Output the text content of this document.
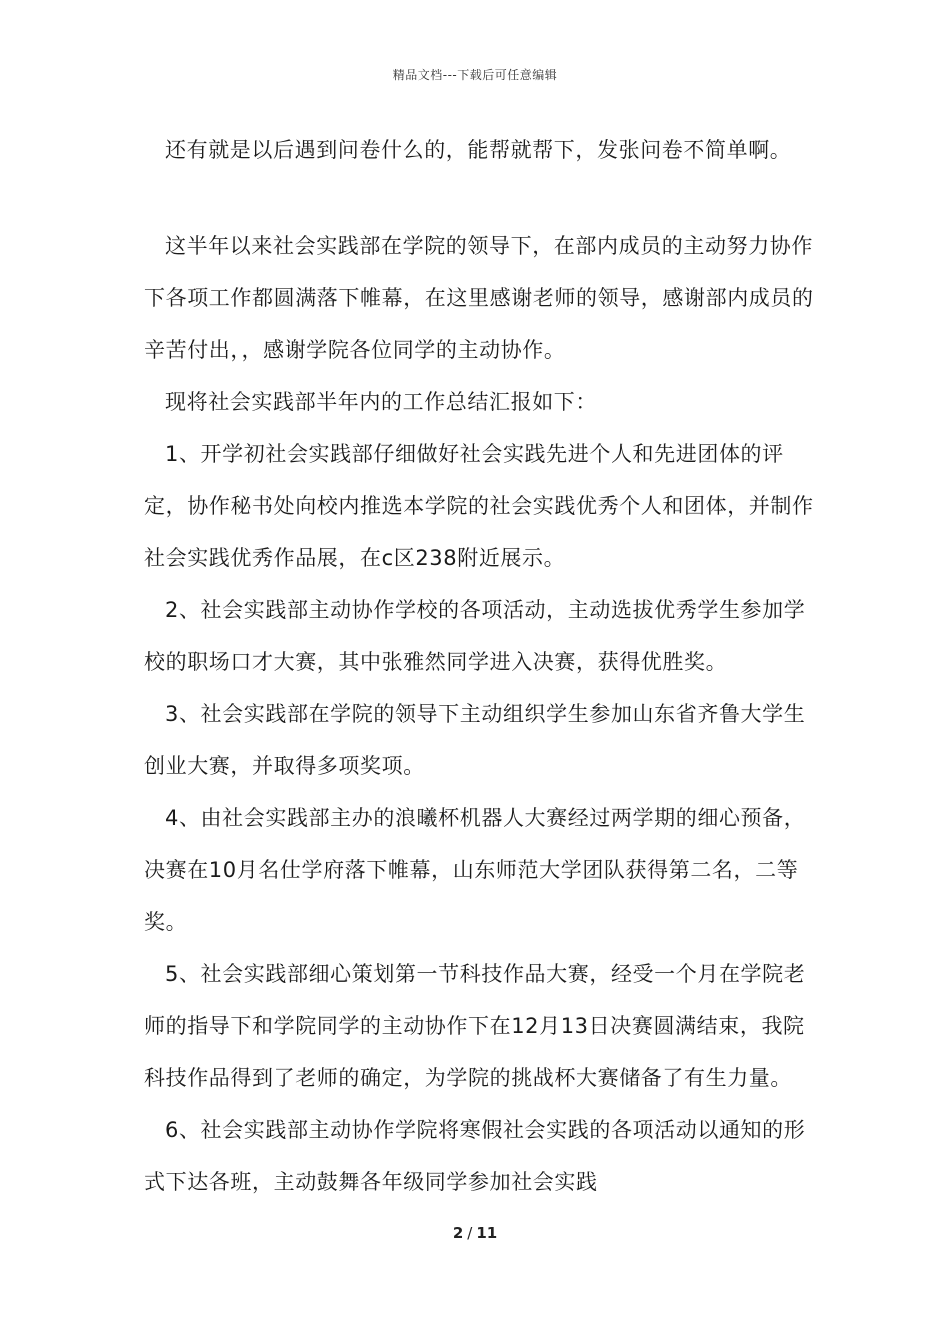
精品文档---下载后可任意编辑

还有就是以后遇到问卷什么的，能帮就帮下，发张问卷不简单啊。

这半年以来社会实践部在学院的领导下，在部内成员的主动努力协作下各项工作都圆满落下帷幕，在这里感谢老师的领导，感谢部内成员的辛苦付出，，感谢学院各位同学的主动协作。

现将社会实践部半年内的工作总结汇报如下：

1、开学初社会实践部仔细做好社会实践先进个人和先进团体的评定，协作秘书处向校内推选本学院的社会实践优秀个人和团体，并制作社会实践优秀作品展，在c区238附近展示。

2、社会实践部主动协作学校的各项活动，主动选拔优秀学生参加学校的职场口才大赛，其中张雅然同学进入决赛，获得优胜奖。

3、社会实践部在学院的领导下主动组织学生参加山东省齐鲁大学生创业大赛，并取得多项奖项。

4、由社会实践部主办的浪曦杯机器人大赛经过两学期的细心预备，决赛在10月名仕学府落下帷幕，山东师范大学团队获得第二名，二等奖。

5、社会实践部细心策划第一节科技作品大赛，经受一个月在学院老师的指导下和学院同学的主动协作下在12月13日决赛圆满结束，我院科技作品得到了老师的确定，为学院的挑战杯大赛储备了有生力量。

6、社会实践部主动协作学院将寒假社会实践的各项活动以通知的形式下达各班，主动鼓舞各年级同学参加社会实践

2 / 11
